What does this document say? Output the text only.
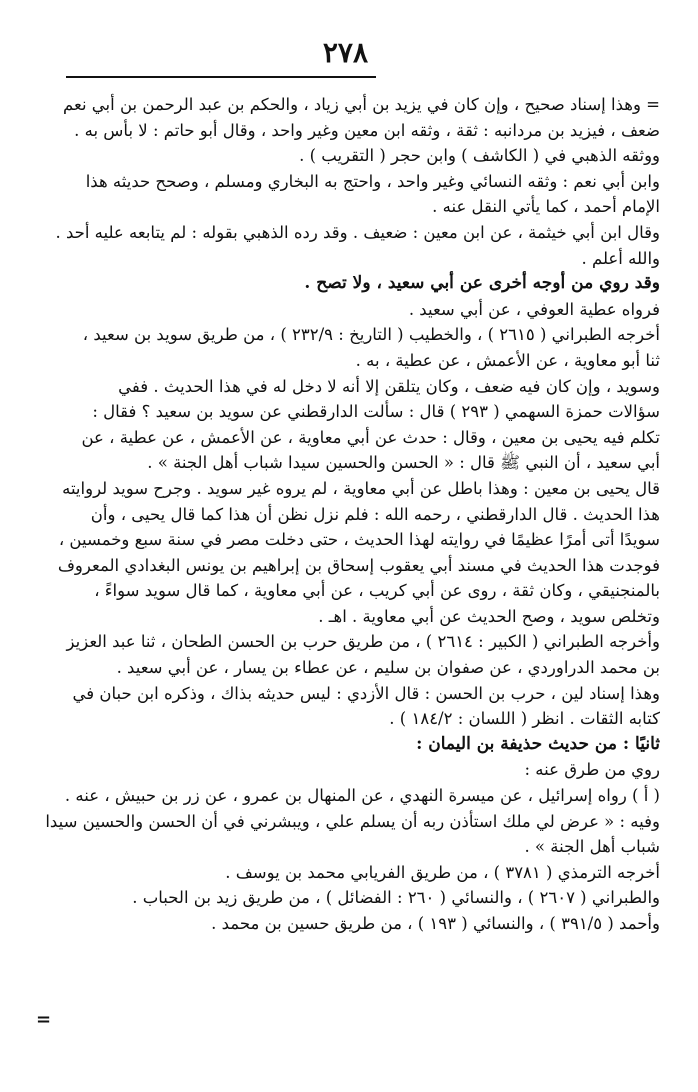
٢٧٨
= وهذا إسناد صحيح ، وإن كان في يزيد بن أبي زياد ، والحكم بن عبد الرحمن بن أبي نعم
ضعف ، فيزيد بن مردانبه : ثقة ، وثقه ابن معين وغير واحد ، وقال أبو حاتم : لا بأس به .
ووثقه الذهبي في ( الكاشف ) وابن حجر ( التقريب ) .
وابن أبي نعم : وثقه النسائي وغير واحد ، واحتج به البخاري ومسلم ، وصحح حديثه هذا
الإمام أحمد ، كما يأتي النقل عنه .
وقال ابن أبي خيثمة ، عن ابن معين : ضعيف . وقد رده الذهبي بقوله : لم يتابعه عليه أحد .
والله أعلم .
وقد روي من أوجه أخرى عن أبي سعيد ، ولا تصح .
فرواه عطية العوفي ، عن أبي سعيد .
أخرجه الطبراني ( ٢٦١٥ ) ، والخطيب ( التاريخ : ٢٣٢/٩ ) ، من طريق سويد بن سعيد ،
ثنا أبو معاوية ، عن الأعمش ، عن عطية ، به .
وسويد ، وإن كان فيه ضعف ، وكان يتلقن إلا أنه لا دخل له في هذا الحديث . ففي
سؤالات حمزة السهمي ( ٢٩٣ ) قال : سألت الدارقطني عن سويد بن سعيد ؟ فقال :
تكلم فيه يحيى بن معين ، وقال : حدث عن أبي معاوية ، عن الأعمش ، عن عطية ، عن
أبي سعيد ، أن النبي ﷺ قال : « الحسن والحسين سيدا شباب أهل الجنة » .
قال يحيى بن معين : وهذا باطل عن أبي معاوية ، لم يروه غير سويد . وجرح سويد لروايته
هذا الحديث . قال الدارقطني ، رحمه الله : فلم نزل نظن أن هذا كما قال يحيى ، وأن
سويدًا أتى أمرًا عظيمًا في روايته لهذا الحديث ، حتى دخلت مصر في سنة سبع وخمسين ،
فوجدت هذا الحديث في مسند أبي يعقوب إسحاق بن إبراهيم بن يونس البغدادي المعروف
بالمنجنيقي ، وكان ثقة ، روى عن أبي كريب ، عن أبي معاوية ، كما قال سويد سواءً ،
وتخلص سويد ، وصح الحديث عن أبي معاوية . اهـ .
وأخرجه الطبراني ( الكبير : ٢٦١٤ ) ، من طريق حرب بن الحسن الطحان ، ثنا عبد العزيز
بن محمد الدراوردي ، عن صفوان بن سليم ، عن عطاء بن يسار ، عن أبي سعيد .
وهذا إسناد لين ، حرب بن الحسن : قال الأزدي : ليس حديثه بذاك ، وذكره ابن حبان في
كتابه الثقات . انظر ( اللسان : ١٨٤/٢ ) .
ثانيًا : من حديث حذيفة بن اليمان :
روي من طرق عنه :
( أ ) رواه إسرائيل ، عن ميسرة النهدي ، عن المنهال بن عمرو ، عن زر بن حبيش ، عنه .
وفيه : « عرض لي ملك استأذن ربه أن يسلم علي ، ويبشرني في أن الحسن والحسين سيدا
شباب أهل الجنة » .
أخرجه الترمذي ( ٣٧٨١ ) ، من طريق الفريابي محمد بن يوسف .
والطبراني ( ٢٦٠٧ ) ، والنسائي ( ٢٦٠ : الفضائل ) ، من طريق زيد بن الحباب .
وأحمد ( ٣٩١/٥ ) ، والنسائي ( ١٩٣ ) ، من طريق حسين بن محمد .
=
